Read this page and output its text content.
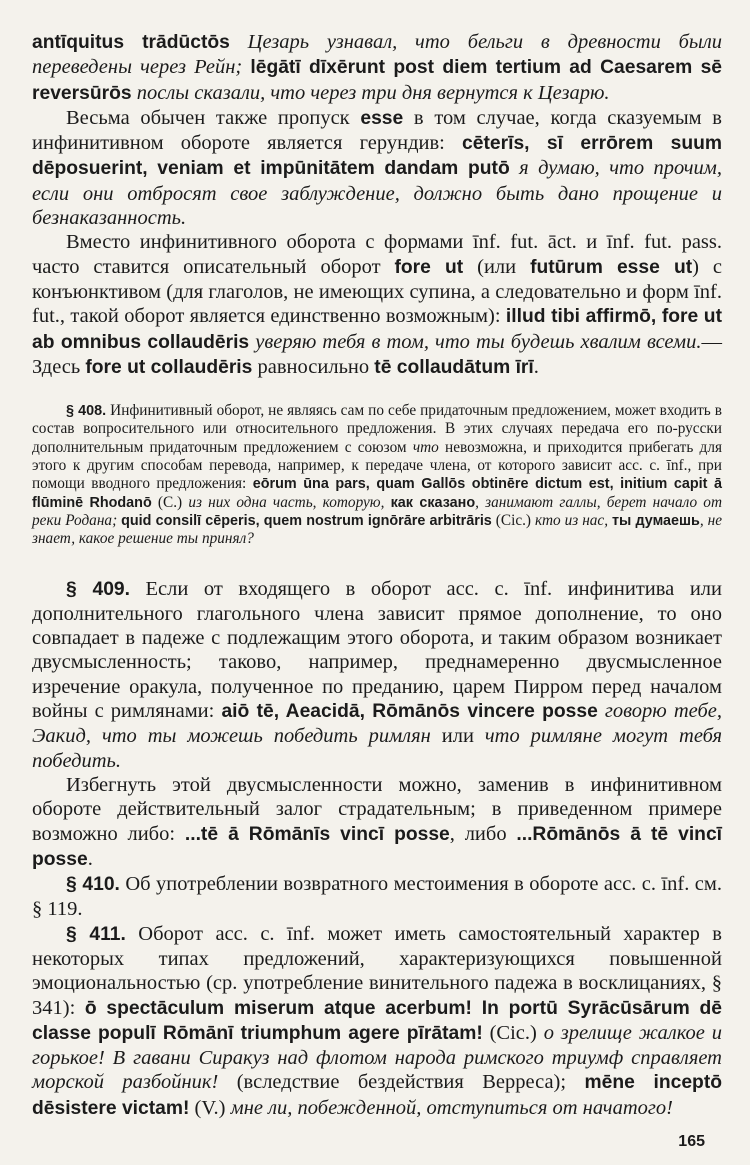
antīquitus trādūctōs Цезарь узнавал, что бельги в древности были переведены через Рейн; lēgātī dīxērunt post diem tertium ad Caesarem sē reversūrōs послы сказали, что через три дня вернутся к Цезарю.

Весьма обычен также пропуск esse в том случае, когда сказуемым в инфинитивном обороте является герундив: cēterīs, sī errōrem suum dēposuerint, veniam et impūnitātem dandam putō я думаю, что прочим, если они отбросят свое заблуждение, должно быть дано прощение и безнаказанность.

Вместо инфинитивного оборота с формами īnf. fut. āct. и īnf. fut. pass. часто ставится описательный оборот fore ut (или futūrum esse ut) с конъюнктивом (для глаголов, не имеющих супина, а следовательно и форм īnf. fut., такой оборот является единственно возможным): illud tibi affirmō, fore ut ab omnibus collaudēris уверяю тебя в том, что ты будешь хвалим всеми.— Здесь fore ut collaudēris равносильно tē collaudātum īrī.

§ 408. Инфинитивный оборот, не являясь сам по себе придаточным предложением, может входить в состав вопросительного или относительного предложения. В этих случаях передача его по-русски дополнительным придаточным предложением с союзом что невозможна, и приходится прибегать для этого к другим способам перевода, например, к передаче члена, от которого зависит acc. c. īnf., при помощи вводного предложения: eōrum ūna pars, quam Gallōs obtinēre dictum est, initium capit ā flūminē Rhodanō (C.) из них одна часть, которую, как сказано, занимают галлы, берет начало от реки Родана; quid consilī cēperis, quem nostrum ignōrāre arbitrāris (Cic.) кто из нас, ты думаешь, не знает, какое решение ты принял?

§ 409. Если от входящего в оборот acc. c. īnf. инфинитива или дополнительного глагольного члена зависит прямое дополнение, то оно совпадает в падеже с подлежащим этого оборота, и таким образом возникает двусмысленность; таково, например, преднамеренно двусмысленное изречение оракула, полученное по преданию, царем Пирром перед началом войны с римлянами: aiō tē, Aeacidā, Rōmānōs vincere posse говорю тебе, Эакид, что ты можешь победить римлян или что римляне могут тебя победить.

Избегнуть этой двусмысленности можно, заменив в инфинитивном обороте действительный залог страдательным; в приведенном примере возможно либо: ...tē ā Rōmānīs vincī posse, либо ...Rōmānōs ā tē vincī posse.

§ 410. Об употреблении возвратного местоимения в обороте acc. c. īnf. см. § 119.

§ 411. Оборот acc. c. īnf. может иметь самостоятельный характер в некоторых типах предложений, характеризующихся повышенной эмоциональностью (ср. употребление винительного падежа в восклицаниях, § 341): ō spectāculum miserum atque acerbum! In portū Syrācūsārum dē classe populī Rōmānī triumphum agere pīrātam! (Cic.) о зрелище жалкое и горькое! В гавани Сиракуз над флотом народа римского триумф справляет морской разбойник! (вследствие бездействия Верреса); mēne inceptō dēsistere victam! (V.) мне ли, побежденной, отступиться от начатого!

165
